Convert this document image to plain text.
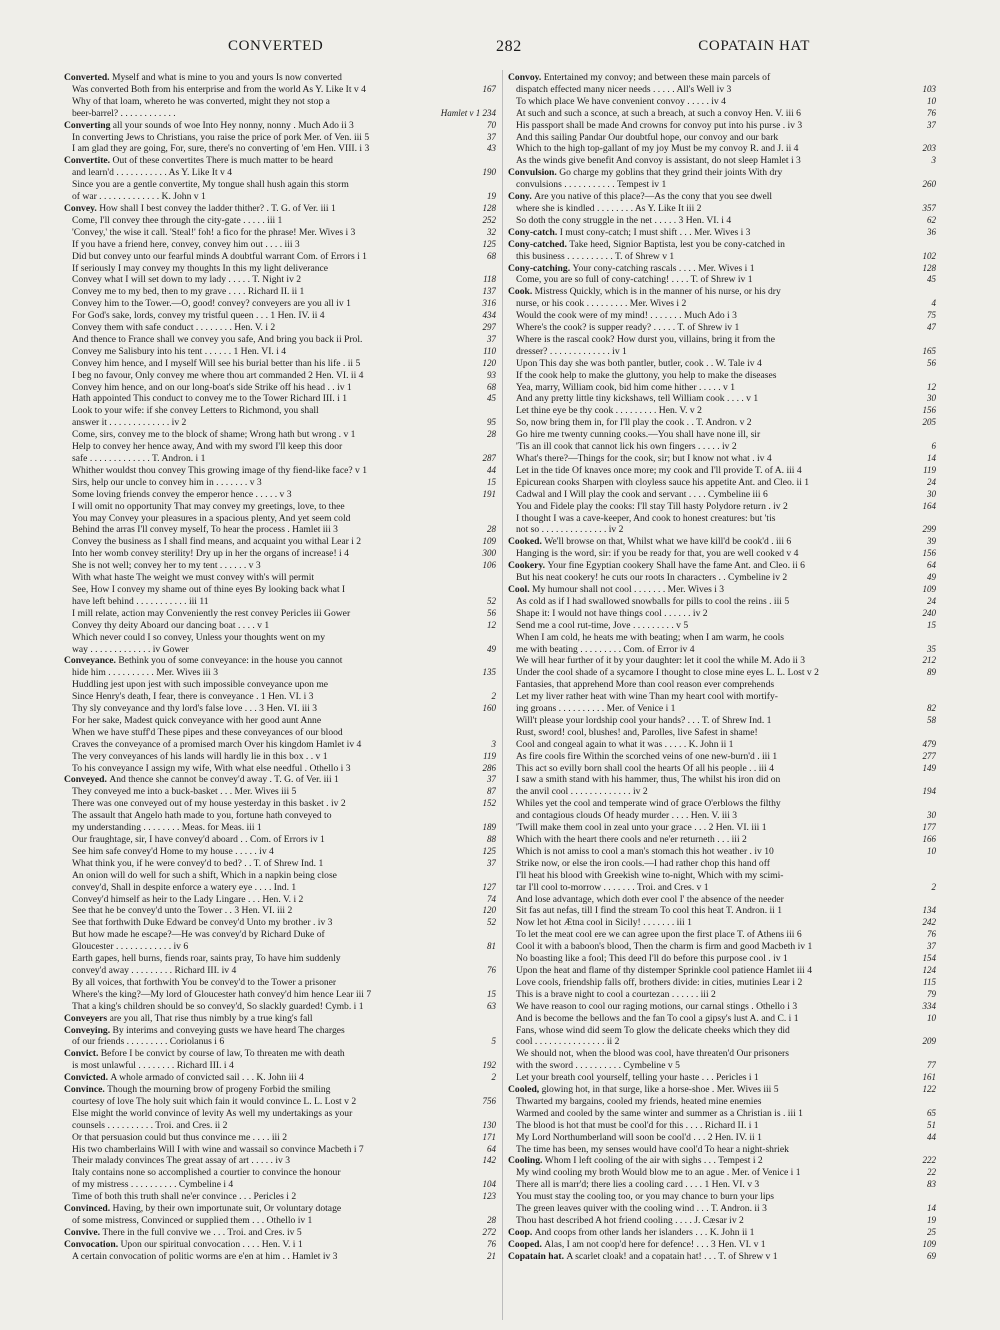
CONVERTED	282	COPATAIN HAT
Converted. Myself and what is mine to you and yours Is now converted
Was converted Both from his enterprise and from the world As Y. Like It v 4	167
Why of that loam, whereto he was converted, might they not stop a
beer-barrel? . . . . . . . . . . . .	Hamlet v 1 234
Converting all your sounds of woe Into Hey nonny, nonny . Much Ado ii 3	70
In converting Jews to Christians, you raise the price of pork Mer. of Ven. iii 5	37
I am glad they are going, For, sure, there's no converting of 'em Hen. VIII. i 3	43
Convertite. Out of these convertites There is much matter to be heard
and learn'd . . . . . . . . . . . As Y. Like It v 4	190
Since you are a gentle convertite, My tongue shall hush again this storm
of war . . . . . . . . . . . . . K. John v 1	19
Convey. How shall I best convey the ladder thither? . T. G. of Ver. iii 1	128
Come, I'll convey thee through the city-gate . . . . . iii 1	252
'Convey,' the wise it call. 'Steal!' foh! a fico for the phrase! Mer. Wives i 3	32
If you have a friend here, convey, convey him out . . . . iii 3	125
Did but convey unto our fearful minds A doubtful warrant Com. of Errors i 1	68
If seriously I may convey my thoughts In this my light deliverance
Convey what I will set down to my lady . . . . . T. Night iv 2	118
Convey me to my bed, then to my grave . . . . Richard II. ii 1	137
Convey him to the Tower.—O, good! convey? conveyers are you all iv 1	316
For God's sake, lords, convey my tristful queen . . . 1 Hen. IV. ii 4	434
Convey them with safe conduct . . . . . . . . Hen. V. i 2	297
And thence to France shall we convey you safe, And bring you back ii Prol.	37
Convey me Salisbury into his tent . . . . . . 1 Hen. VI. i 4	110
Convey him hence, and I myself Will see his burial better than his life . ii 5	120
I beg no favour, Only convey me where thou art commanded 2 Hen. VI. ii 4	93
Convey him hence, and on our long-boat's side Strike off his head . . iv 1	68
Hath appointed This conduct to convey me to the Tower Richard III. i 1	45
Look to your wife: if she convey Letters to Richmond, you shall
answer it . . . . . . . . . . . . . iv 2	95
Come, sirs, convey me to the block of shame; Wrong hath but wrong . v 1	28
Help to convey her hence away, And with my sword I'll keep this door
safe . . . . . . . . . . . . . T. Andron. i 1	287
Whither wouldst thou convey This growing image of thy fiend-like face? v 1	44
Sirs, help our uncle to convey him in . . . . . . . v 3	15
Some loving friends convey the emperor hence . . . . . v 3	191
I will omit no opportunity That may convey my greetings, love, to thee
You may Convey your pleasures in a spacious plenty, And yet seem cold
Behind the arras I'll convey myself, To hear the process . Hamlet iii 3	28
Convey the business as I shall find means, and acquaint you withal Lear i 2	109
Into her womb convey sterility! Dry up in her the organs of increase! i 4	300
She is not well; convey her to my tent . . . . . . v 3	106
With what haste The weight we must convey with's will permit
See, How I convey my shame out of thine eyes By looking back what I
have left behind . . . . . . . . . . . iii 11	52
I mill relate, action may Conveniently the rest convey Pericles iii Gower	56
Convey thy deity Aboard our dancing boat . . . . v 1	12
Which never could I so convey, Unless your thoughts went on my
way . . . . . . . . . . . . . iv Gower	49
Conveyance. Bethink you of some conveyance: in the house you cannot
hide him . . . . . . . . . . Mer. Wives iii 3	135
Huddling jest upon jest with such impossible conveyance upon me
Since Henry's death, I fear, there is conveyance . 1 Hen. VI. i 3	2
Thy sly conveyance and thy lord's false love . . . 3 Hen. VI. iii 3	160
For her sake, Madest quick conveyance with her good aunt Anne
When we have stuff'd These pipes and these conveyances of our blood
Craves the conveyance of a promised march Over his kingdom Hamlet iv 4	3
The very conveyances of his lands will hardly lie in this box . . v 1	119
To his conveyance I assign my wife, With what else needful . Othello i 3	286
Conveyed. And thence she cannot be convey'd away . T. G. of Ver. iii 1	37
They conveyed me into a buck-basket . . . Mer. Wives iii 5	87
There was one conveyed out of my house yesterday in this basket . iv 2	152
The assault that Angelo hath made to you, fortune hath conveyed to
my understanding . . . . . . . . Meas. for Meas. iii 1	189
Our fraughtage, sir, I have convey'd aboard . . Com. of Errors iv 1	88
See him safe convey'd Home to my house . . . . . iv 4	125
What think you, if he were convey'd to bed? . . T. of Shrew Ind. 1	37
An onion will do well for such a shift, Which in a napkin being close
convey'd, Shall in despite enforce a watery eye . . . . Ind. 1	127
Convey'd himself as heir to the Lady Lingare . . . Hen. V. i 2	74
See that he be convey'd unto the Tower . . 3 Hen. VI. iii 2	120
See that forthwith Duke Edward be convey'd Unto my brother . iv 3	52
But how made he escape?—He was convey'd by Richard Duke of
Gloucester . . . . . . . . . . . . iv 6	81
Earth gapes, hell burns, fiends roar, saints pray, To have him suddenly
convey'd away . . . . . . . . . Richard III. iv 4	76
By all voices, that forthwith You be convey'd to the Tower a prisoner
Where's the king?—My lord of Gloucester hath convey'd him hence Lear iii 7	15
That a king's children should be so convey'd, So slackly guarded! Cymb. i 1	63
Conveyers are you all, That rise thus nimbly by a true king's fall
Conveying. By interims and conveying gusts we have heard The charges
of our friends . . . . . . . . . Coriolanus i 6	5
Convict. Before I be convict by course of law, To threaten me with death
is most unlawful . . . . . . . . Richard III. i 4	192
Convicted. A whole armado of convicted sail . . . K. John iii 4	2
Convince. Though the mourning brow of progeny Forbid the smiling
courtesy of love The holy suit which fain it would convince L. L. Lost v 2	756
Else might the world convince of levity As well my undertakings as your
counsels . . . . . . . . . . Troi. and Cres. ii 2	130
Or that persuasion could but thus convince me . . . . iii 2	171
His two chamberlains Will I with wine and wassail so convince Macbeth i 7	64
Their malady convinces The great assay of art . . . . . iv 3	142
Italy contains none so accomplished a courtier to convince the honour
of my mistress . . . . . . . . . . Cymbeline i 4	104
Time of both this truth shall ne'er convince . . . Pericles i 2	123
Convinced. Having, by their own importunate suit, Or voluntary dotage
of some mistress, Convinced or supplied them . . . Othello iv 1	28
Convive. There in the full convive we . . . Troi. and Cres. iv 5	272
Convocation. Upon our spiritual convocation . . . . Hen. V. i 1	76
A certain convocation of politic worms are e'en at him . . Hamlet iv 3	21
Convoy. Entertained my convoy; and between these main parcels of
dispatch effected many nicer needs . . . . . All's Well iv 3	103
To which place We have convenient convoy . . . . . iv 4	10
At such and such a sconce, at such a breach, at such a convoy Hen. V. iii 6	76
His passport shall be made And crowns for convoy put into his purse . iv 3	37
And this sailing Pandar Our doubtful hope, our convoy and our bark
Which to the high top-gallant of my joy Must be my convoy R. and J. ii 4	203
As the winds give benefit And convoy is assistant, do not sleep Hamlet i 3	3
Convulsion. Go charge my goblins that they grind their joints With dry
convulsions . . . . . . . . . . . Tempest iv 1	260
Cony. Are you native of this place?—As the cony that you see dwell
where she is kindled . . . . . . . . As Y. Like It iii 2	357
So doth the cony struggle in the net . . . . . 3 Hen. VI. i 4	62
Cony-catch. I must cony-catch; I must shift . . . Mer. Wives i 3	36
Cony-catched. Take heed, Signior Baptista, lest you be cony-catched in
this business . . . . . . . . . . T. of Shrew v 1	102
Cony-catching. Your cony-catching rascals . . . . Mer. Wives i 1	128
Come, you are so full of cony-catching! . . . . T. of Shrew iv 1	45
Cook. Mistress Quickly, which is in the manner of his nurse, or his dry
nurse, or his cook . . . . . . . . . Mer. Wives i 2	4
Would the cook were of my mind! . . . . . . . Much Ado i 3	75
Where's the cook? is supper ready? . . . . . T. of Shrew iv 1	47
Where is the rascal cook? How durst you, villains, bring it from the
dresser? . . . . . . . . . . . . . iv 1	165
Upon This day she was both pantler, butler, cook . . W. Tale iv 4	56
If the cook help to make the gluttony, you help to make the diseases
Yea, marry, William cook, bid him come hither . . . . . v 1	12
And any pretty little tiny kickshaws, tell William cook . . . . v 1	30
Let thine eye be thy cook . . . . . . . . . Hen. V. v 2	156
So, now bring them in, for I'll play the cook . . T. Andron. v 2	205
Go hire me twenty cunning cooks.—You shall have none ill, sir
'Tis an ill cook that cannot lick his own fingers . . . . . iv 2	6
What's there?—Things for the cook, sir; but I know not what . iv 4	14
Let in the tide Of knaves once more; my cook and I'll provide T. of A. iii 4	119
Epicurean cooks Sharpen with cloyless sauce his appetite Ant. and Cleo. ii 1	24
Cadwal and I Will play the cook and servant . . . . Cymbeline iii 6	30
You and Fidele play the cooks: I'll stay Till hasty Polydore return . iv 2	164
I thought I was a cave-keeper, And cook to honest creatures: but 'tis
not so . . . . . . . . . . . . . . iv 2	299
Cooked. We'll browse on that, Whilst what we have kill'd be cook'd . iii 6	39
Hanging is the word, sir: if you be ready for that, you are well cooked v 4	156
Cookery. Your fine Egyptian cookery Shall have the fame Ant. and Cleo. ii 6	64
But his neat cookery! he cuts our roots In characters . . Cymbeline iv 2	49
Cool. My humour shall not cool . . . . . . . Mer. Wives i 3	109
As cold as if I had swallowed snowballs for pills to cool the reins . iii 5	24
Shape it: I would not have things cool . . . . . . iv 2	240
Send me a cool rut-time, Jove . . . . . . . . . v 5	15
When I am cold, he heats me with beating; when I am warm, he cools
me with beating . . . . . . . . . Com. of Error iv 4	35
We will hear further of it by your daughter: let it cool the while M. Ado ii 3	212
Under the cool shade of a sycamore I thought to close mine eyes L. L. Lost v 2	89
Fantasies, that apprehend More than cool reason ever comprehends
Let my liver rather heat with wine Than my heart cool with mortify-
ing groans . . . . . . . . . . Mer. of Venice i 1	82
Will't please your lordship cool your hands? . . . T. of Shrew Ind. 1	58
Rust, sword! cool, blushes! and, Parolles, live Safest in shame!
Cool and congeal again to what it was . . . . . K. John ii 1	479
As fire cools fire Within the scorched veins of one new-burn'd . iii 1	277
This act so evilly born shall cool the hearts Of all his people . . iii 4	149
I saw a smith stand with his hammer, thus, The whilst his iron did on
the anvil cool . . . . . . . . . . . . . iv 2	194
Whiles yet the cool and temperate wind of grace O'erblows the filthy
and contagious clouds Of heady murder . . . . Hen. V. iii 3	30
'Twill make them cool in zeal unto your grace . . . 2 Hen. VI. iii 1	177
Which with the heart there cools and ne'er returneth . . . iii 2	166
Which is not amiss to cool a man's stomach this hot weather . iv 10	10
Strike now, or else the iron cools.—I had rather chop this hand off
I'll heat his blood with Greekish wine to-night, Which with my scimi-
tar I'll cool to-morrow . . . . . . . Troi. and Cres. v 1	2
And lose advantage, which doth ever cool I' the absence of the needer
Sit fas aut nefas, till I find the stream To cool this heat T. Andron. ii 1	134
Now let hot Ætna cool in Sicily! . . . . . . . iii 1	242
To let the meat cool ere we can agree upon the first place T. of Athens iii 6	76
Cool it with a baboon's blood, Then the charm is firm and good Macbeth iv 1	37
No boasting like a fool; This deed I'll do before this purpose cool . iv 1	154
Upon the heat and flame of thy distemper Sprinkle cool patience Hamlet iii 4	124
Love cools, friendship falls off, brothers divide: in cities, mutinies Lear i 2	115
This is a brave night to cool a courtezan . . . . . . iii 2	79
We have reason to cool our raging motions, our carnal stings . Othello i 3	334
And is become the bellows and the fan To cool a gipsy's lust A. and C. i 1	10
Fans, whose wind did seem To glow the delicate cheeks which they did
cool . . . . . . . . . . . . . . . ii 2	209
We should not, when the blood was cool, have threaten'd Our prisoners
with the sword . . . . . . . . . . Cymbeline v 5	77
Let your breath cool yourself, telling your haste . . . Pericles i 1	161
Cooled, glowing hot, in that surge, like a horse-shoe . Mer. Wives iii 5	122
Thwarted my bargains, cooled my friends, heated mine enemies
Warmed and cooled by the same winter and summer as a Christian is . iii 1	65
The blood is hot that must be cool'd for this . . . . Richard II. i 1	51
My Lord Northumberland will soon be cool'd . . . 2 Hen. IV. ii 1	44
The time has been, my senses would have cool'd To hear a night-shriek
Cooling. Whom I left cooling of the air with sighs . . . Tempest i 2	222
My wind cooling my broth Would blow me to an ague . Mer. of Venice i 1	22
There all is marr'd; there lies a cooling card . . . . 1 Hen. VI. v 3	83
You must stay the cooling too, or you may chance to burn your lips
The green leaves quiver with the cooling wind . . . T. Andron. ii 3	14
Thou hast described A hot friend cooling . . . . J. Cæsar iv 2	19
Coop. And coops from other lands her islanders . . . K. John ii 1	25
Cooped. Alas, I am not coop'd here for defence! . . . 3 Hen. VI. v 1	109
Copatain hat. A scarlet cloak! and a copatain hat! . . . T. of Shrew v 1	69
